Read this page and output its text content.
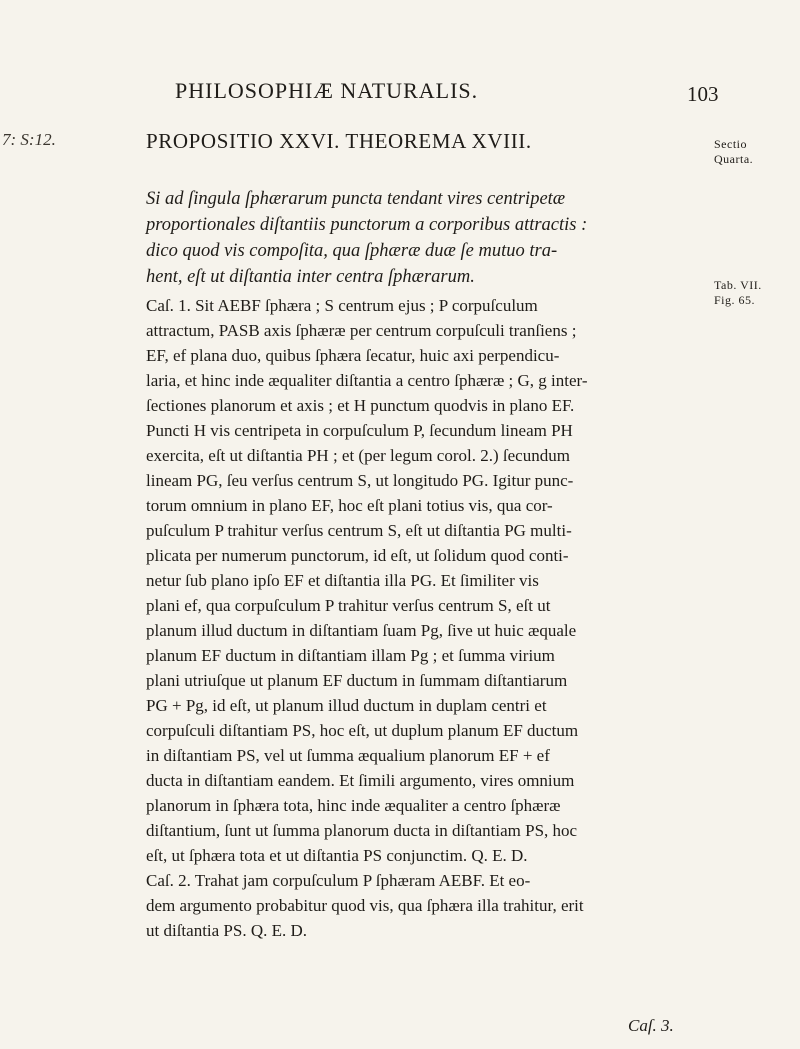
PHILOSOPHIÆ NATURALIS.	103
7: S:12.	PROPOSITIO XXVI. THEOREMA XVIII.	Sectio
Quarta.
Tab. VII.
Fig. 65.
Si ad ſingula ſphærarum puncta tendant vires centripetæ
proportionales diſtantiis punctorum a corporibus attractis :
dico quod vis compoſita, qua ſphæræ duæ ſe mutuo tra-
hent, eſt ut diſtantia inter centra ſphærarum.
Caſ. 1. Sit AEBF ſphæra ; S centrum ejus ; P corpuſculum
attractum, PASB axis ſphæræ per centrum corpuſculi tranſiens ;
EF, ef plana duo, quibus ſphæra ſecatur, huic axi perpendicu-
laria, et hinc inde æqualiter diſtantia a centro ſphæræ ; G, g inter-
ſectiones planorum et axis ; et H punctum quodvis in plano EF.
Puncti H vis centripeta in corpuſculum P, ſecundum lineam PH
exercita, eſt ut diſtantia PH ; et (per legum corol. 2.) ſecundum
lineam PG, ſeu verſus centrum S, ut longitudo PG. Igitur punc-
torum omnium in plano EF, hoc eſt plani totius vis, qua cor-
puſculum P trahitur verſus centrum S, eſt ut diſtantia PG multi-
plicata per numerum punctorum, id eſt, ut ſolidum quod conti-
netur ſub plano ipſo EF et diſtantia illa PG. Et ſimiliter vis
plani ef, qua corpuſculum P trahitur verſus centrum S, eſt ut
planum illud ductum in diſtantiam ſuam Pg, ſive ut huic æquale
planum EF ductum in diſtantiam illam Pg ; et ſumma virium
plani utriuſque ut planum EF ductum in ſummam diſtantiarum
PG + Pg, id eſt, ut planum illud ductum in duplam centri et
corpuſculi diſtantiam PS, hoc eſt, ut duplum planum EF ductum
in diſtantiam PS, vel ut ſumma æqualium planorum EF + ef
ducta in diſtantiam eandem. Et ſimili argumento, vires omnium
planorum in ſphæra tota, hinc inde æqualiter a centro ſphæræ
diſtantium, ſunt ut ſumma planorum ducta in diſtantiam PS, hoc
eſt, ut ſphæra tota et ut diſtantia PS conjunctim. Q. E. D.
Caſ. 2. Trahat jam corpuſculum P ſphæram AEBF. Et eo-
dem argumento probabitur quod vis, qua ſphæra illa trahitur, erit
ut diſtantia PS. Q. E. D.
Caſ. 3.
